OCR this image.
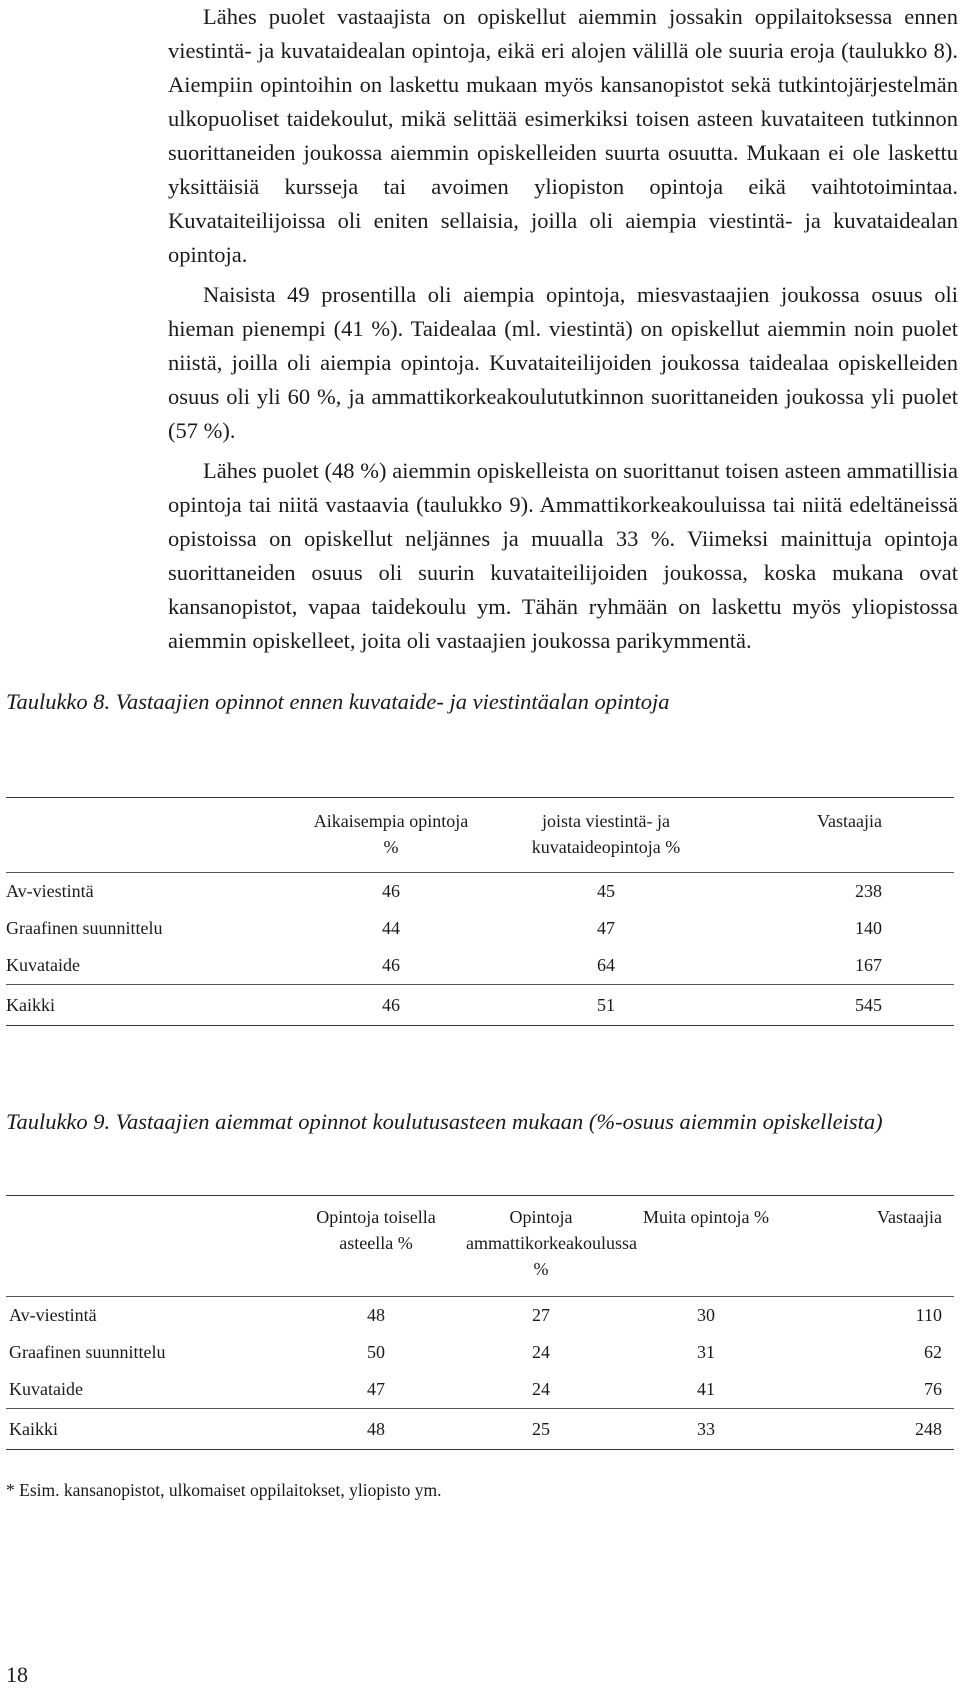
Lähes puolet vastaajista on opiskellut aiemmin jossakin oppilaitoksessa ennen viestintä- ja kuvataidealan opintoja, eikä eri alojen välillä ole suuria eroja (taulukko 8). Aiempiin opintoihin on laskettu mukaan myös kansanopistot sekä tutkintojärjestelmän ulkopuoliset taidekoulut, mikä selittää esimerkiksi toisen asteen kuvataiteen tutkinnon suorittaneiden joukossa aiemmin opiskelleiden suurta osuutta. Mukaan ei ole laskettu yksittäisiä kursseja tai avoimen yliopiston opintoja eikä vaihtotoimintaa. Kuvataiteilijoissa oli eniten sellaisia, joilla oli aiempia viestintä- ja kuvataidealan opintoja.

Naisista 49 prosentilla oli aiempia opintoja, miesvastaajien joukossa osuus oli hieman pienempi (41 %). Taidealaa (ml. viestintä) on opiskellut aiemmin noin puolet niistä, joilla oli aiempia opintoja. Kuvataiteilijoiden joukossa taidealaa opiskelleiden osuus oli yli 60 %, ja ammattikorkeakoulututkinnon suorittaneiden joukossa yli puolet (57 %).

Lähes puolet (48 %) aiemmin opiskelleista on suorittanut toisen asteen ammatillisia opintoja tai niitä vastaavia (taulukko 9). Ammattikorkeakouluissa tai niitä edeltäneissä opistoissa on opiskellut neljännes ja muualla 33 %. Viimeksi mainittuja opintoja suorittaneiden osuus oli suurin kuvataiteilijoiden joukossa, koska mukana ovat kansanopistot, vapaa taidekoulu ym. Tähän ryhmään on laskettu myös yliopistossa aiemmin opiskelleet, joita oli vastaajien joukossa parikymmentä.

Taulukko 8. Vastaajien opinnot ennen kuvataide- ja viestintäalan opintoja
	Aikaisempia opintoja %	joista viestintä- ja kuvataideopintoja %	Vastaajia
Av-viestintä	46	45	238
Graafinen suunnittelu	44	47	140
Kuvataide	46	64	167
Kaikki	46	51	545
Taulukko 9. Vastaajien aiemmat opinnot koulutusasteen mukaan (%-osuus aiemmin opiskelleista)
	Opintoja toisella asteella %	Opintoja ammattikorkeakoulussa %	Muita opintoja %	Vastaajia
Av-viestintä	48	27	30	110
Graafinen suunnittelu	50	24	31	62
Kuvataide	47	24	41	76
Kaikki	48	25	33	248
* Esim. kansanopistot, ulkomaiset oppilaitokset, yliopisto ym.
18
